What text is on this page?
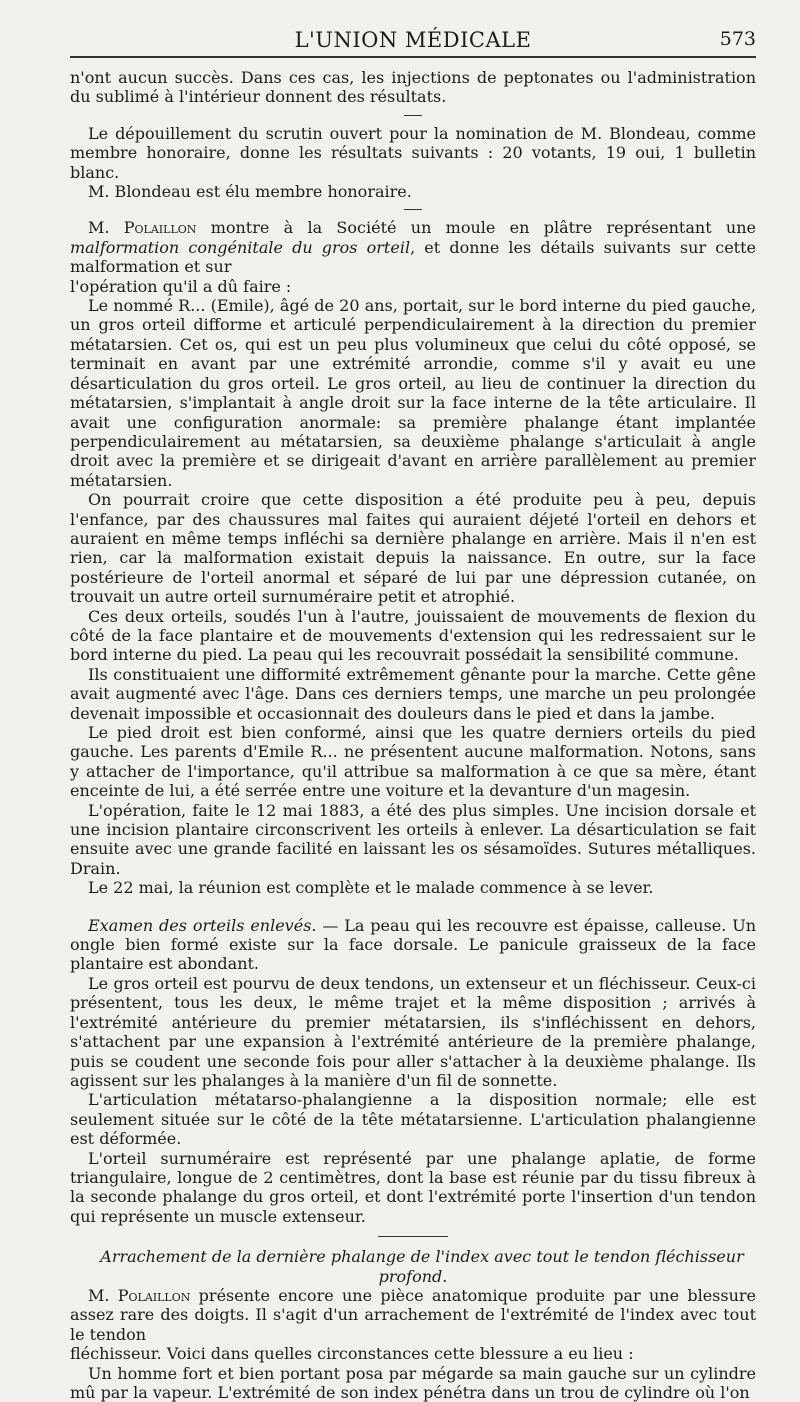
L'UNION MÉDICALE	573

n'ont aucun succès. Dans ces cas, les injections de peptonates ou l'administration du sublimé à l'intérieur donnent des résultats.

Le dépouillement du scrutin ouvert pour la nomination de M. Blondeau, comme membre honoraire, donne les résultats suivants : 20 votants, 19 oui, 1 bulletin blanc.

M. Blondeau est élu membre honoraire.

M. Polaillon montre à la Société un moule en plâtre représentant une malformation congénitale du gros orteil, et donne les détails suivants sur cette malformation et sur

l'opération qu'il a dû faire :

Le nommé R... (Emile), âgé de 20 ans, portait, sur le bord interne du pied gauche, un gros orteil difforme et articulé perpendiculairement à la direction du premier métatarsien. Cet os, qui est un peu plus volumineux que celui du côté opposé, se terminait en avant par une extrémité arrondie, comme s'il y avait eu une désarticulation du gros orteil. Le gros orteil, au lieu de continuer la direction du métatarsien, s'implantait à angle droit sur la face interne de la tête articulaire. Il avait une configuration anormale: sa première phalange étant implantée perpendiculairement au métatarsien, sa deuxième phalange s'articulait à angle droit avec la première et se dirigeait d'avant en arrière parallèlement au premier métatarsien.

On pourrait croire que cette disposition a été produite peu à peu, depuis l'enfance, par des chaussures mal faites qui auraient déjeté l'orteil en dehors et auraient en même temps infléchi sa dernière phalange en arrière. Mais il n'en est rien, car la malformation existait depuis la naissance. En outre, sur la face postérieure de l'orteil anormal et séparé de lui par une dépression cutanée, on trouvait un autre orteil surnuméraire petit et atrophié.

Ces deux orteils, soudés l'un à l'autre, jouissaient de mouvements de flexion du côté de la face plantaire et de mouvements d'extension qui les redressaient sur le bord interne du pied. La peau qui les recouvrait possédait la sensibilité commune.

Ils constituaient une difformité extrêmement gênante pour la marche. Cette gêne avait augmenté avec l'âge. Dans ces derniers temps, une marche un peu prolongée devenait impossible et occasionnait des douleurs dans le pied et dans la jambe.

Le pied droit est bien conformé, ainsi que les quatre derniers orteils du pied gauche. Les parents d'Emile R... ne présentent aucune malformation. Notons, sans y attacher de l'importance, qu'il attribue sa malformation à ce que sa mère, étant enceinte de lui, a été serrée entre une voiture et la devanture d'un magesin.

L'opération, faite le 12 mai 1883, a été des plus simples. Une incision dorsale et une incision plantaire circonscrivent les orteils à enlever. La désarticulation se fait ensuite avec une grande facilité en laissant les os sésamoïdes. Sutures métalliques. Drain.

Le 22 mai, la réunion est complète et le malade commence à se lever.

Examen des orteils enlevés. — La peau qui les recouvre est épaisse, calleuse. Un ongle bien formé existe sur la face dorsale. Le panicule graisseux de la face plantaire est abondant.

Le gros orteil est pourvu de deux tendons, un extenseur et un fléchisseur. Ceux-ci présentent, tous les deux, le même trajet et la même disposition ; arrivés à l'extrémité antérieure du premier métatarsien, ils s'infléchissent en dehors, s'attachent par une expansion à l'extrémité antérieure de la première phalange, puis se coudent une seconde fois pour aller s'attacher à la deuxième phalange. Ils agissent sur les phalanges à la manière d'un fil de sonnette.

L'articulation métatarso-phalangienne a la disposition normale; elle est seulement située sur le côté de la tête métatarsienne. L'articulation phalangienne est déformée.

L'orteil surnuméraire est représenté par une phalange aplatie, de forme triangulaire, longue de 2 centimètres, dont la base est réunie par du tissu fibreux à la seconde phalange du gros orteil, et dont l'extrémité porte l'insertion d'un tendon qui représente un muscle extenseur.

Arrachement de la dernière phalange de l'index avec tout le tendon fléchisseur profond.

M. Polaillon présente encore une pièce anatomique produite par une blessure assez rare des doigts. Il s'agit d'un arrachement de l'extrémité de l'index avec tout le tendon

fléchisseur. Voici dans quelles circonstances cette blessure a eu lieu :

Un homme fort et bien portant posa par mégarde sa main gauche sur un cylindre mû par la vapeur. L'extrémité de son index pénétra dans un trou de cylindre où l'on
